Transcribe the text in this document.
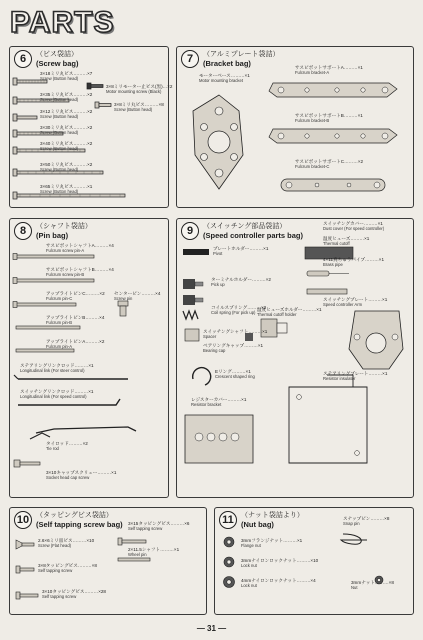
PARTS
6	（ビス袋詰）
(Screw bag)
3×18ミリ丸ビス………×7
Screw (Button head)
3×8ミリモーター止ビス(黒)…×2
Motor mounting screw (Black)
3×35ミリ丸ビス………×2
Screw (Button head)
3×12ミリ丸ビス………×2
Screw (Button head)
3×8ミリ丸ビス………×8
Screw (Button head)
3×30ミリ丸ビス………×2
Screw (Button head)
3×40ミリ丸ビス………×2
Screw (Button head)
3×50ミリ丸ビス………×2
Screw (Button head)
3×65ミリ丸ビス………×1
Screw (Button head)
7	（アルミプレート袋詰）
(Bracket bag)
モーターベース………×1
Motor mounting bracket
サスピボットサポートA………×1
Fulcrum bracket-A
サスピボットサポートB………×1
Fulcrum bracket-B
サスピボットサポートC………×2
Fulcrum bracket-C
8	（シャフト袋詰）
(Pin bag)
サスピボットシャフトA………×4
Fulcrum screw pin-A
サスピボットシャフトB………×4
Fulcrum screw pin-B
アップライトピンC………×2
Fulcrum pin-C
センターピン………×4
Screw pin
アップライトピンB………×4
Fulcrum pin-B
アップライトピンA………×2
Fulcrum pin-A
ステアリングリンクロッド………×1
Longitudinal link (For steer control)
スイッチングリンクロッド………×1
Longitudinal link (For speed control)
タイロッド………×2
Tie rod
3×10キャップスクリュー………×1
Socket head cap screw
9	（スイッチング部品袋詰）
(Speed controller parts bag)
プレートホルダー………×1
Pivot
スイッチングカバー………×1
Dust cover (For speed controller)
温度ヒューズ………×1
Thermal cutoff
ターミナルホルダー………×2
Pick up
4×11真ちゅうパイプ………×1
Brass pipe
コイルスプリング………×2
Coil spring (For pick up)
温度ヒューズホルダー………×1
Thermal cutoff holder
スイッチングプレート………×1
Speed controller Arm
スイッチングシャフト………×1
Spacer
ベアリングキャップ………×1
Bearing cap
Eリング………×1
Crescent shaped ring
ステアリングプレート………×1
Resistor insulator
レジスターカバー………×1
Resistor bracket
10 （タッピングビス袋詰）
(Self tapping screw bag)
2.6×6ミリ皿ビス………×10
Screw (Flat head)
3×15タッピングビス………×6
Self tapping screw
2×11.5シャフト………×1
Wheel pin
3×8タッピングビス………×8
Self tapping screw
3×10タッピングビス………×28
Self tapping screw
11	（ナット袋詰より）
(Nut bag)
3mmフランジナット………×1
Flange nut
スナップピン………×8
Snap pin
3mmナイロンロックナット………×10
Lock nut
4mmナイロンロックナット………×4
Lock nut
3mmナット………×8
Nut
— 31 —
